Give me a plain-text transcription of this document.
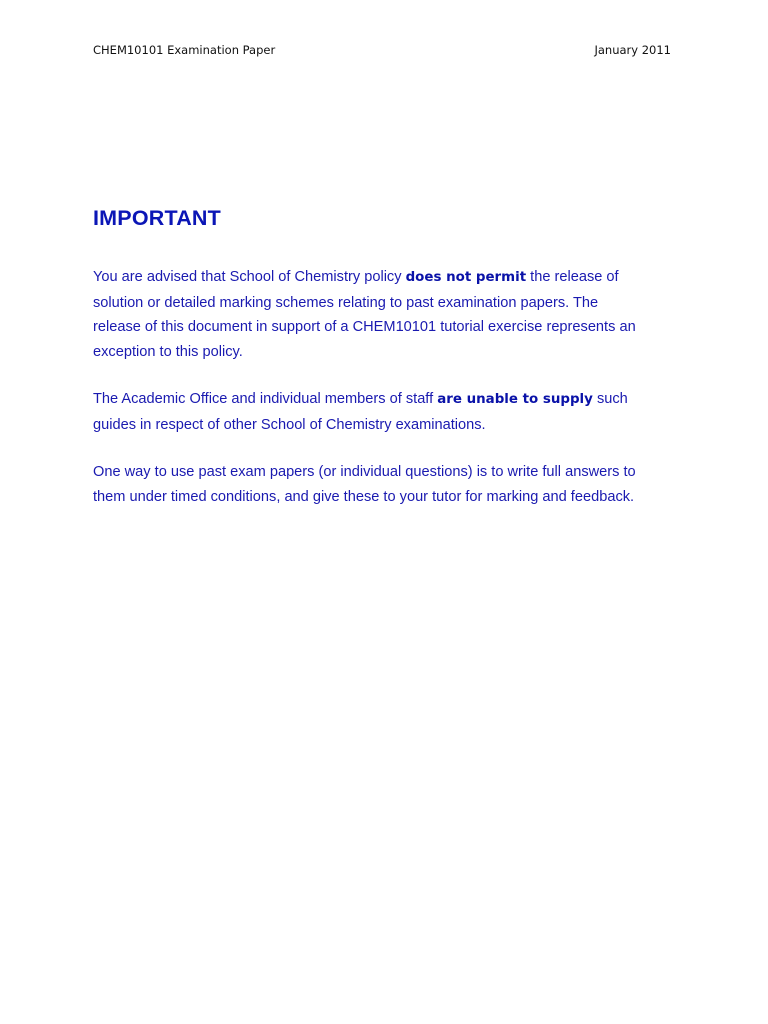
CHEM10101 Examination Paper	January 2011
IMPORTANT

You are advised that School of Chemistry policy does not permit the release of
solution or detailed marking schemes relating to past examination papers. The
release of this document in support of a CHEM10101 tutorial exercise represents an
exception to this policy.

The Academic Office and individual members of staff are unable to supply such
guides in respect of other School of Chemistry examinations.

One way to use past exam papers (or individual questions) is to write full answers to
them under timed conditions, and give these to your tutor for marking and feedback.
